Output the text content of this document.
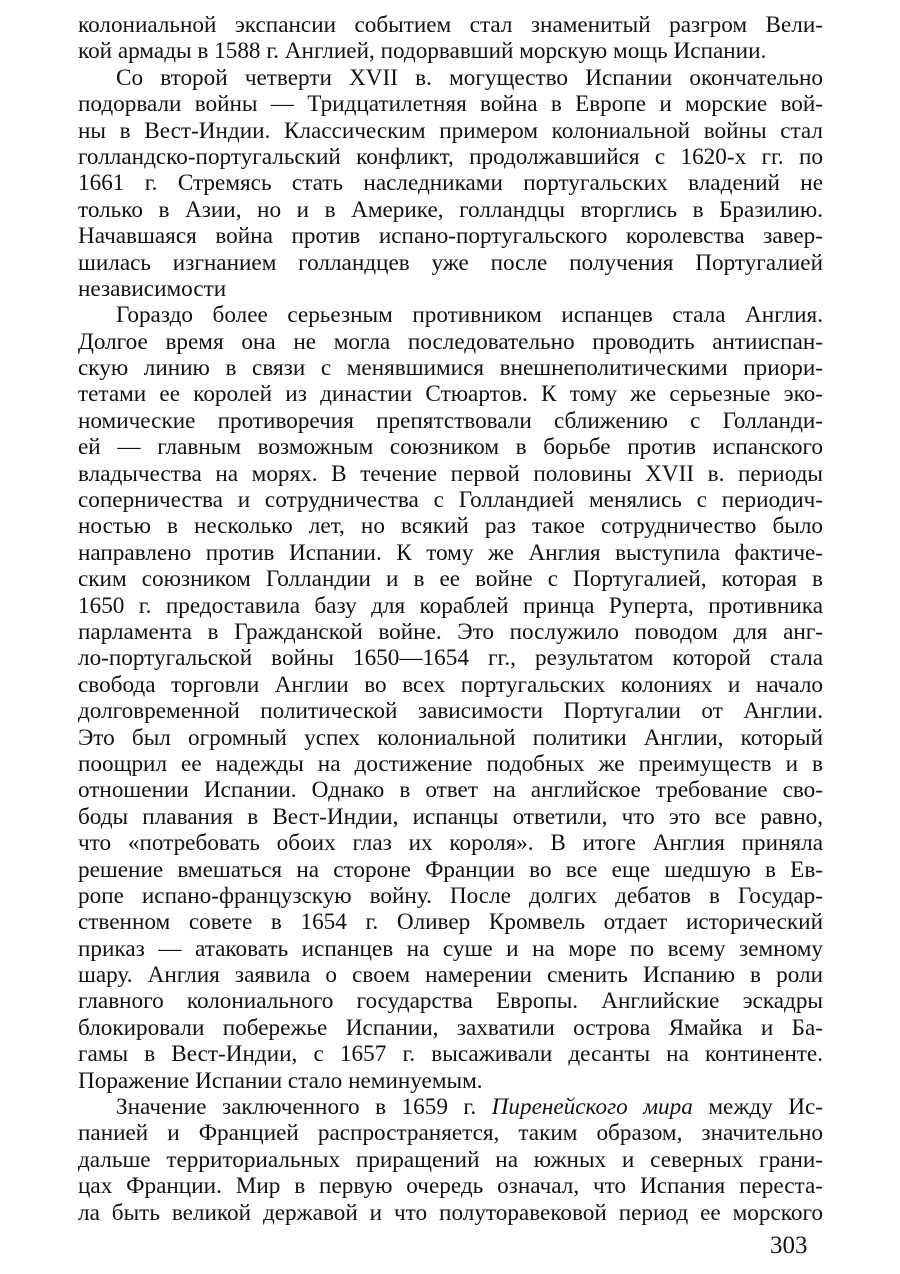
колониальной экспансии событием стал знаменитый разгром Вели-
кой армады в 1588 г. Англией, подорвавший морскую мощь Испании.
Со второй четверти XVII в. могущество Испании окончательно
подорвали войны — Тридцатилетняя война в Европе и морские вой-
ны в Вест-Индии. Классическим примером колониальной войны стал
голландско-португальский конфликт, продолжавшийся с 1620-х гг. по
1661 г. Стремясь стать наследниками португальских владений не
только в Азии, но и в Америке, голландцы вторглись в Бразилию.
Начавшаяся война против испано-португальского королевства завер-
шилась изгнанием голландцев уже после получения Португалией
независимости
Гораздо более серьезным противником испанцев стала Англия.
Долгое время она не могла последовательно проводить антииспан-
скую линию в связи с менявшимися внешнеполитическими приори-
тетами ее королей из династии Стюартов. К тому же серьезные эко-
номические противоречия препятствовали сближению с Голланди-
ей — главным возможным союзником в борьбе против испанского
владычества на морях. В течение первой половины XVII в. периоды
соперничества и сотрудничества с Голландией менялись с периодич-
ностью в несколько лет, но всякий раз такое сотрудничество было
направлено против Испании. К тому же Англия выступила фактиче-
ским союзником Голландии и в ее войне с Португалией, которая в
1650 г. предоставила базу для кораблей принца Руперта, противника
парламента в Гражданской войне. Это послужило поводом для анг-
ло-португальской войны 1650—1654 гг., результатом которой стала
свобода торговли Англии во всех португальских колониях и начало
долговременной политической зависимости Португалии от Англии.
Это был огромный успех колониальной политики Англии, который
поощрил ее надежды на достижение подобных же преимуществ и в
отношении Испании. Однако в ответ на английское требование сво-
боды плавания в Вест-Индии, испанцы ответили, что это все равно,
что «потребовать обоих глаз их короля». В итоге Англия приняла
решение вмешаться на стороне Франции во все еще шедшую в Ев-
ропе испано-французскую войну. После долгих дебатов в Государ-
ственном совете в 1654 г. Оливер Кромвель отдает исторический
приказ — атаковать испанцев на суше и на море по всему земному
шару. Англия заявила о своем намерении сменить Испанию в роли
главного колониального государства Европы. Английские эскадры
блокировали побережье Испании, захватили острова Ямайка и Ба-
гамы в Вест-Индии, с 1657 г. высаживали десанты на континенте.
Поражение Испании стало неминуемым.
Значение заключенного в 1659 г. Пиренейского мира между Ис-
панией и Францией распространяется, таким образом, значительно
дальше территориальных приращений на южных и северных грани-
цах Франции. Мир в первую очередь означал, что Испания переста-
ла быть великой державой и что полуторавековой период ее морского
303
